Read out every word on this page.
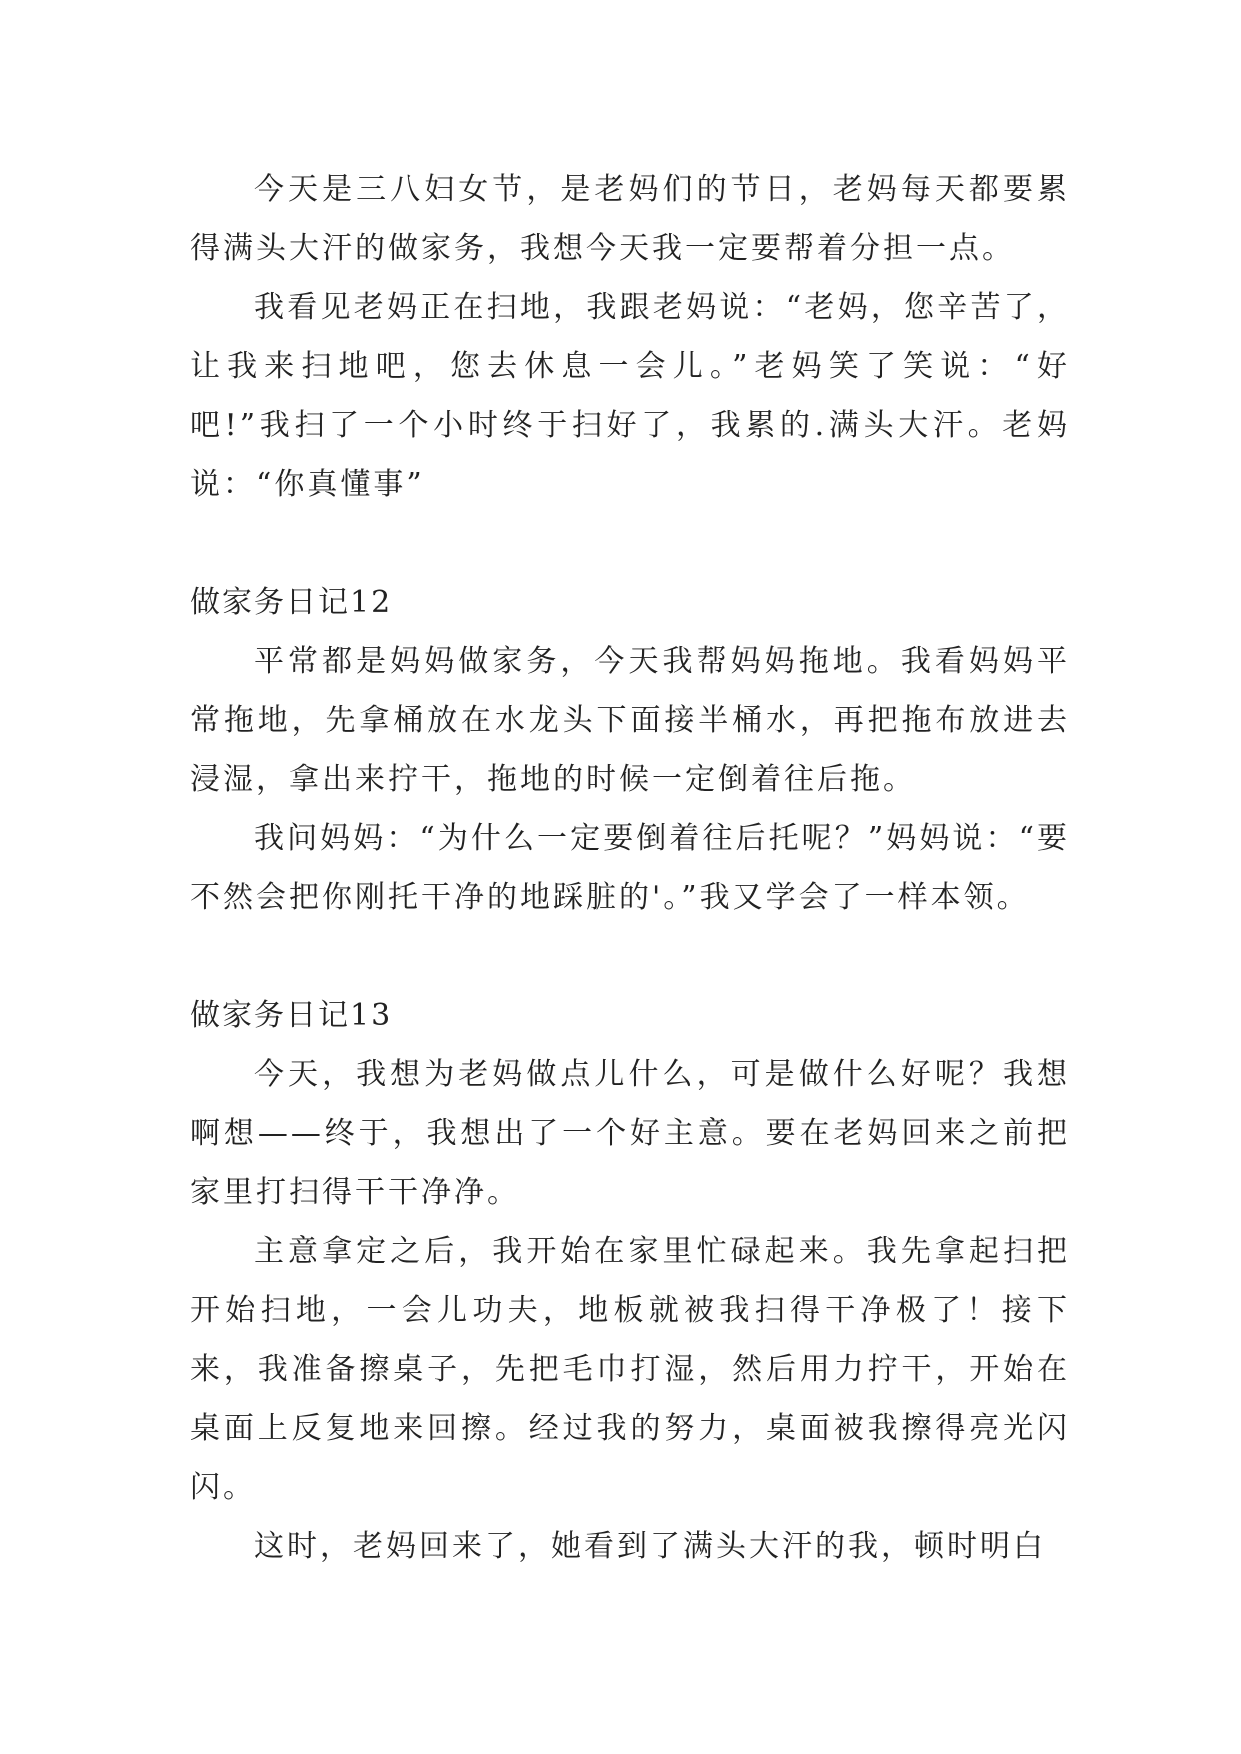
今天是三八妇女节，是老妈们的节日，老妈每天都要累得满头大汗的做家务，我想今天我一定要帮着分担一点。

我看见老妈正在扫地，我跟老妈说：“老妈，您辛苦了，让我来扫地吧，您去休息一会儿。”老妈笑了笑说：“好吧!”我扫了一个小时终于扫好了，我累的.满头大汗。老妈说：“你真懂事”

做家务日记12

平常都是妈妈做家务，今天我帮妈妈拖地。我看妈妈平常拖地，先拿桶放在水龙头下面接半桶水，再把拖布放进去浸湿，拿出来拧干，拖地的时候一定倒着往后拖。

我问妈妈：“为什么一定要倒着往后托呢？”妈妈说：“要不然会把你刚托干净的地踩脏的'。”我又学会了一样本领。

做家务日记13

今天，我想为老妈做点儿什么，可是做什么好呢？我想啊想——终于，我想出了一个好主意。要在老妈回来之前把家里打扫得干干净净。

主意拿定之后，我开始在家里忙碌起来。我先拿起扫把开始扫地，一会儿功夫，地板就被我扫得干净极了！接下来，我准备擦桌子，先把毛巾打湿，然后用力拧干，开始在桌面上反复地来回擦。经过我的努力，桌面被我擦得亮光闪闪。

这时，老妈回来了，她看到了满头大汗的我，顿时明白
